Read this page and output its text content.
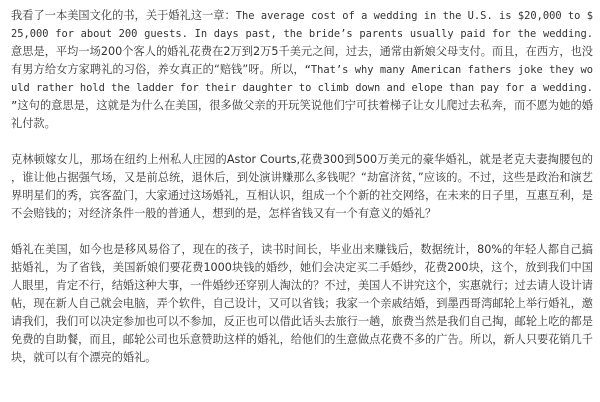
我看了一本美国文化的书，关于婚礼这一章：The average cost of a wedding in the U.S. is $20,000 to $25,000 for about 200 guests. In days past, the bride’s parents usually paid for the wedding.意思是，平均一场200个客人的婚礼花费在2万到2万5千美元之间，过去，通常由新娘父母支付。而且，在西方，也没有男方给女方家聘礼的习俗，养女真正的“赔钱”呀。所以，“That’s why many American fathers joke they would rather hold the ladder for their daughter to climb down and elope than pay for a wedding. ”这句的意思是，这就是为什么在美国，很多做父亲的开玩笑说他们宁可扶着梯子让女儿爬过去私奔，而不愿为她的婚礼付款。

克林顿嫁女儿，那场在纽约上州私人庄园的Astor Courts,花费300到500万美元的豪华婚礼，就是老克夫妻掏腰包的，谁让他占据强气场，又是前总统，退休后，到处演讲赚那么多钱呢？“劫富济贫，”应该的。不过，这些是政治和演艺界明星们的秀，宾客盈门，大家通过这场婚礼，互相认识，组成一个个新的社交网络，在未来的日子里，互惠互利，是不会赔钱的；对经济条件一般的普通人，想到的是，怎样省钱又有一个有意义的婚礼？

婚礼在美国，如今也是移风易俗了，现在的孩子，读书时间长，毕业出来赚钱后，数据统计，80%的年轻人都自己搞掂婚礼，为了省钱，美国新娘们要花费1000块钱的婚纱，她们会决定买二手婚纱，花费200块，这个，放到我们中国人眼里，肯定不行，结婚这种大事，一件婚纱还穿别人淘汰的？不过，美国人不讲究这个，实惠就行；过去请人设计请帖，现在新人自己就会电脑，弄个软件，自己设计，又可以省钱；我家一个亲戚结婚，到墨西哥湾邮轮上举行婚礼，邀请我们，我们可以决定参加也可以不参加，反正也可以借此话头去旅行一趟，旅费当然是我们自己掏，邮轮上吃的都是免费的自助餐，而且，邮轮公司也乐意赞助这样的婚礼，给他们的生意做点花费不多的广告。所以，新人只要花销几千块，就可以有个漂亮的婚礼。
